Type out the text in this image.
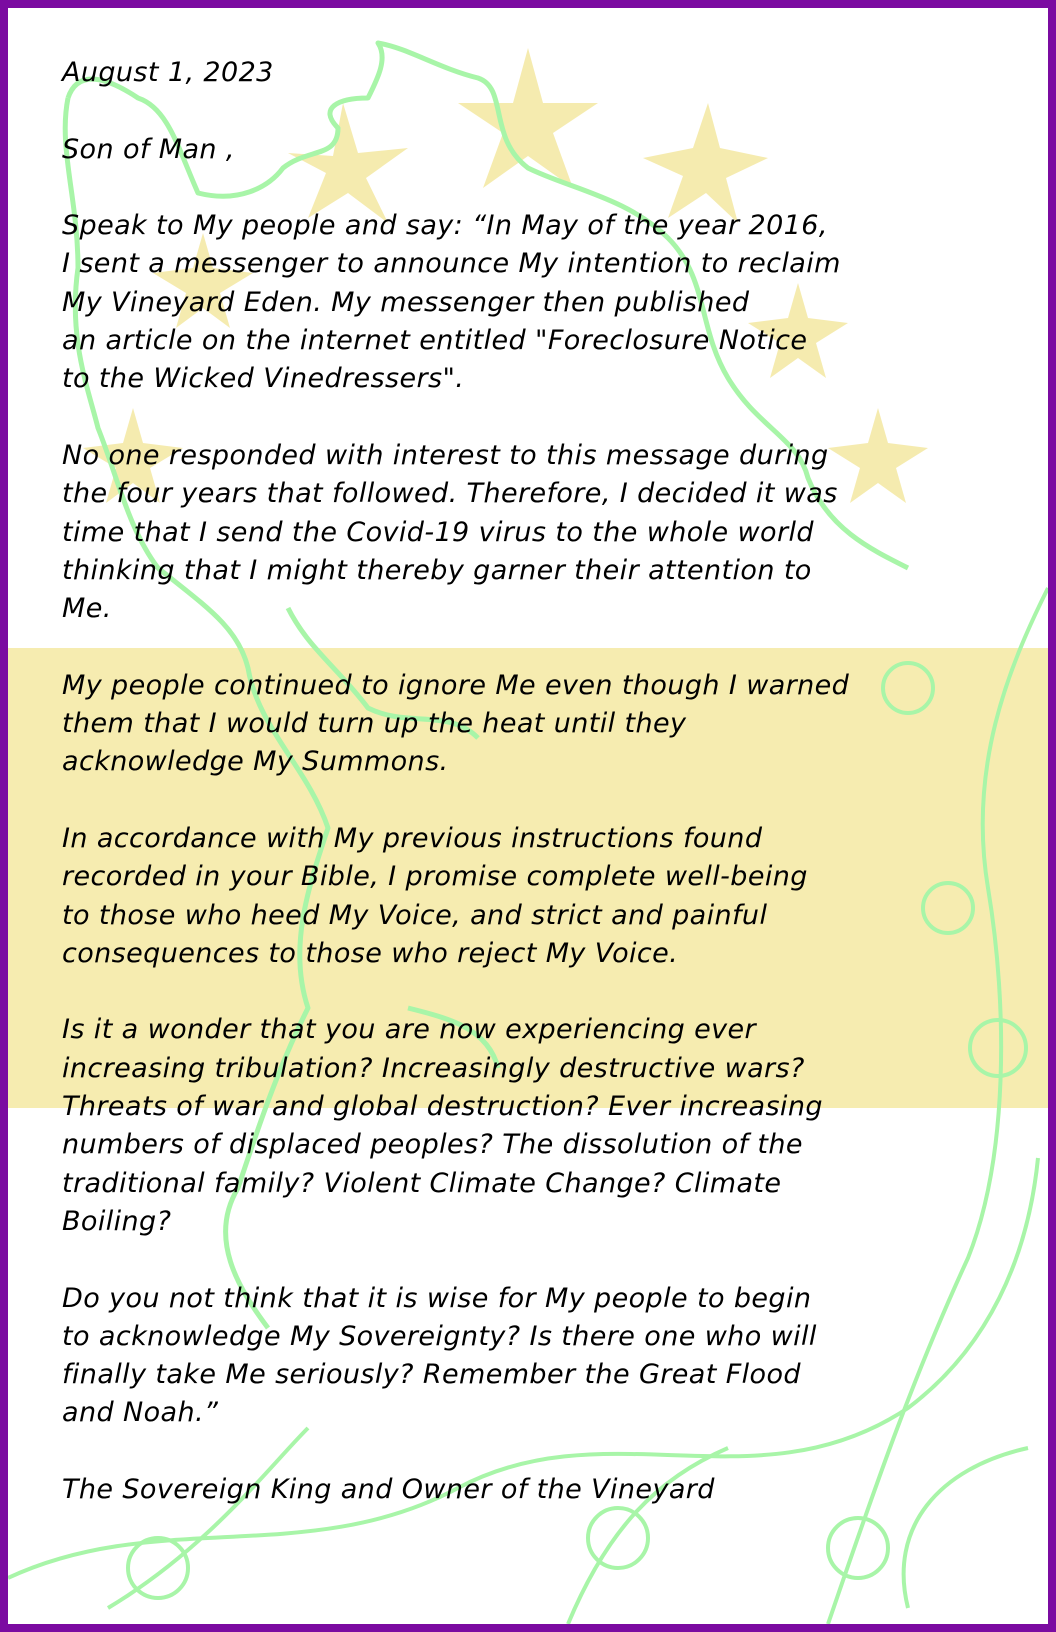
August 1, 2023
Son of Man ,
Speak to My people and say: “In May of the year 2016,
I sent a messenger to announce My intention to reclaim
My Vineyard Eden. My messenger then published
an article on the internet entitled "Foreclosure Notice
to the Wicked Vinedressers".
No one responded with interest to this message during
the four years that followed. Therefore, I decided it was
time that I send the Covid-19 virus to the whole world
thinking that I might thereby garner their attention to
Me.
My people continued to ignore Me even though I warned
them that I would turn up the heat until they
acknowledge My Summons.
In accordance with My previous instructions found
recorded in your Bible, I promise complete well-being
to those who heed My Voice, and strict and painful
consequences to those who reject My Voice.
Is it a wonder that you are now experiencing ever
increasing tribulation? Increasingly destructive wars?
Threats of war and global destruction? Ever increasing
numbers of displaced peoples? The dissolution of the
traditional family? Violent Climate Change? Climate
Boiling?
Do you not think that it is wise for My people to begin
to acknowledge My Sovereignty? Is there one who will
finally take Me seriously? Remember the Great Flood
and Noah.”
The Sovereign King and Owner of the Vineyard
